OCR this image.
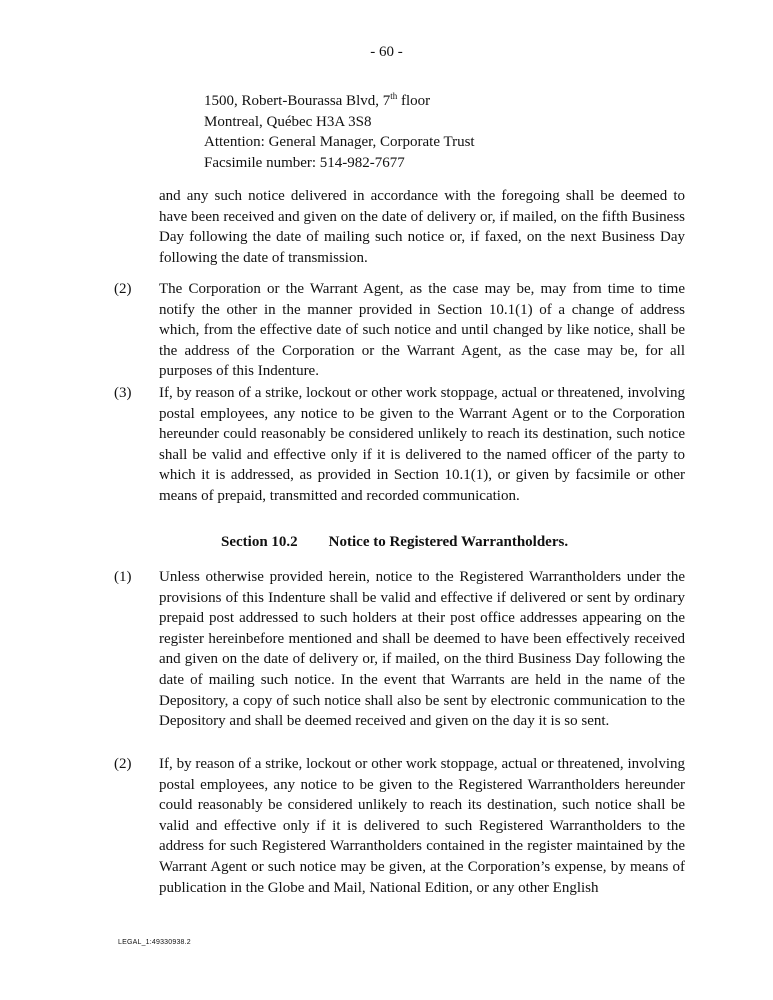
- 60 -
1500, Robert-Bourassa Blvd, 7th floor
Montreal, Québec H3A 3S8
Attention: General Manager, Corporate Trust
Facsimile number: 514-982-7677
and any such notice delivered in accordance with the foregoing shall be deemed to have been received and given on the date of delivery or, if mailed, on the fifth Business Day following the date of mailing such notice or, if faxed, on the next Business Day following the date of transmission.
(2) The Corporation or the Warrant Agent, as the case may be, may from time to time notify the other in the manner provided in Section 10.1(1) of a change of address which, from the effective date of such notice and until changed by like notice, shall be the address of the Corporation or the Warrant Agent, as the case may be, for all purposes of this Indenture.
(3) If, by reason of a strike, lockout or other work stoppage, actual or threatened, involving postal employees, any notice to be given to the Warrant Agent or to the Corporation hereunder could reasonably be considered unlikely to reach its destination, such notice shall be valid and effective only if it is delivered to the named officer of the party to which it is addressed, as provided in Section 10.1(1), or given by facsimile or other means of prepaid, transmitted and recorded communication.
Section 10.2 Notice to Registered Warrantholders.
(1) Unless otherwise provided herein, notice to the Registered Warrantholders under the provisions of this Indenture shall be valid and effective if delivered or sent by ordinary prepaid post addressed to such holders at their post office addresses appearing on the register hereinbefore mentioned and shall be deemed to have been effectively received and given on the date of delivery or, if mailed, on the third Business Day following the date of mailing such notice. In the event that Warrants are held in the name of the Depository, a copy of such notice shall also be sent by electronic communication to the Depository and shall be deemed received and given on the day it is so sent.
(2) If, by reason of a strike, lockout or other work stoppage, actual or threatened, involving postal employees, any notice to be given to the Registered Warrantholders hereunder could reasonably be considered unlikely to reach its destination, such notice shall be valid and effective only if it is delivered to such Registered Warrantholders to the address for such Registered Warrantholders contained in the register maintained by the Warrant Agent or such notice may be given, at the Corporation’s expense, by means of publication in the Globe and Mail, National Edition, or any other English
LEGAL_1:49330938.2
